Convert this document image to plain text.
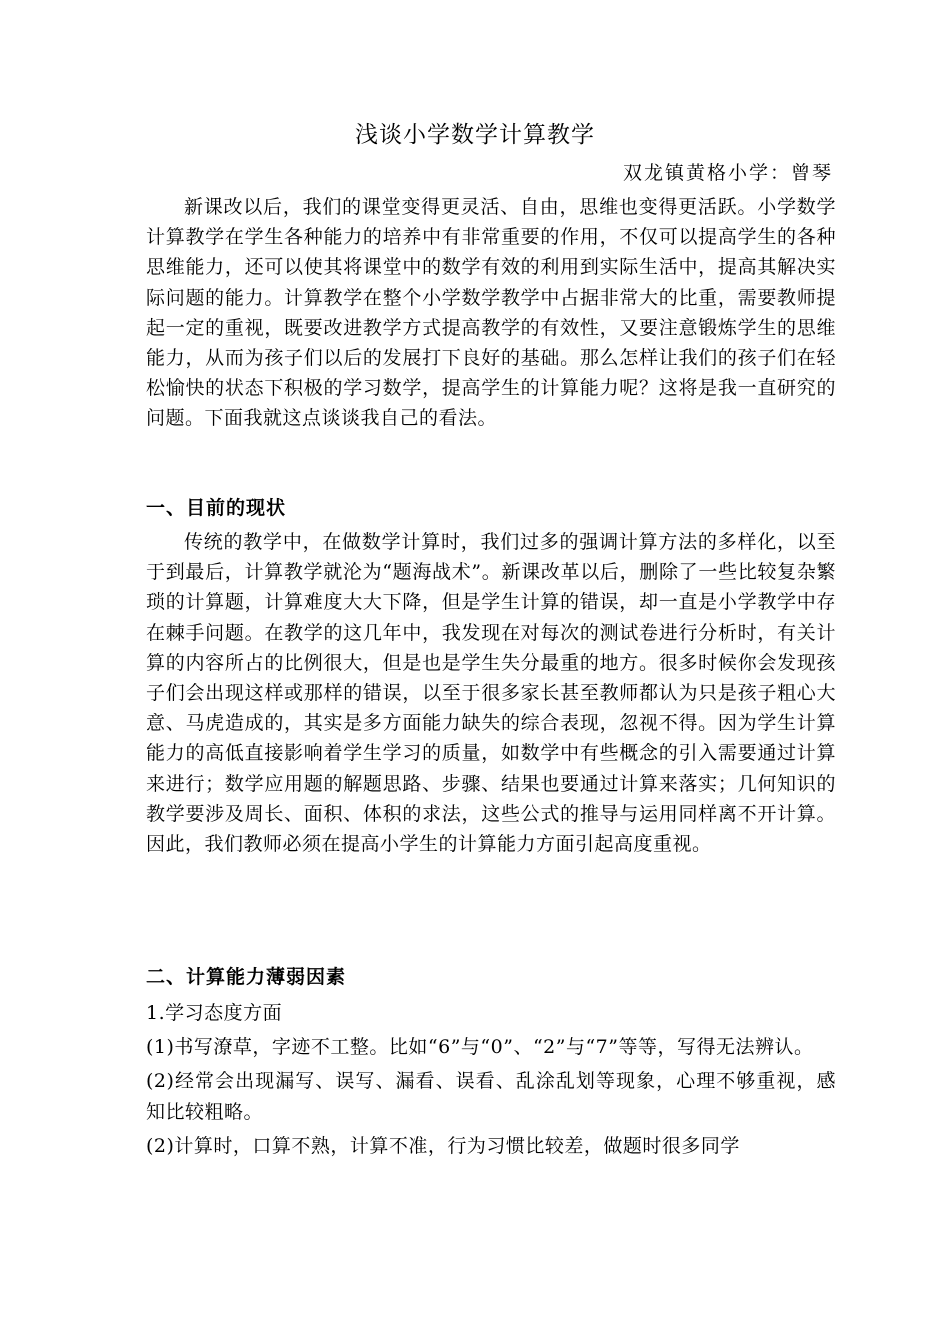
浅谈小学数学计算教学
双龙镇黄格小学：曾琴
新课改以后，我们的课堂变得更灵活、自由，思维也变得更活跃。小学数学计算教学在学生各种能力的培养中有非常重要的作用，不仅可以提高学生的各种思维能力，还可以使其将课堂中的数学有效的利用到实际生活中，提高其解决实际问题的能力。计算教学在整个小学数学教学中占据非常大的比重，需要教师提起一定的重视，既要改进教学方式提高教学的有效性，又要注意锻炼学生的思维能力，从而为孩子们以后的发展打下良好的基础。那么怎样让我们的孩子们在轻松愉快的状态下积极的学习数学，提高学生的计算能力呢？这将是我一直研究的问题。下面我就这点谈谈我自己的看法。
一、目前的现状
传统的教学中，在做数学计算时，我们过多的强调计算方法的多样化，以至于到最后，计算教学就沦为“题海战术”。新课改革以后，删除了一些比较复杂繁琐的计算题，计算难度大大下降，但是学生计算的错误，却一直是小学教学中存在棘手问题。在教学的这几年中，我发现在对每次的测试卷进行分析时，有关计算的内容所占的比例很大，但是也是学生失分最重的地方。很多时候你会发现孩子们会出现这样或那样的错误，以至于很多家长甚至教师都认为只是孩子粗心大意、马虎造成的，其实是多方面能力缺失的综合表现，忽视不得。因为学生计算能力的高低直接影响着学生学习的质量，如数学中有些概念的引入需要通过计算来进行；数学应用题的解题思路、步骤、结果也要通过计算来落实；几何知识的教学要涉及周长、面积、体积的求法，这些公式的推导与运用同样离不开计算。因此，我们教师必须在提高小学生的计算能力方面引起高度重视。
二、计算能力薄弱因素
1.学习态度方面
(1)书写潦草，字迹不工整。比如“6”与“0”、“2”与“7”等等，写得无法辨认。
(2)经常会出现漏写、误写、漏看、误看、乱涂乱划等现象，心理不够重视，感知比较粗略。
(2)计算时，口算不熟，计算不准，行为习惯比较差，做题时很多同学
